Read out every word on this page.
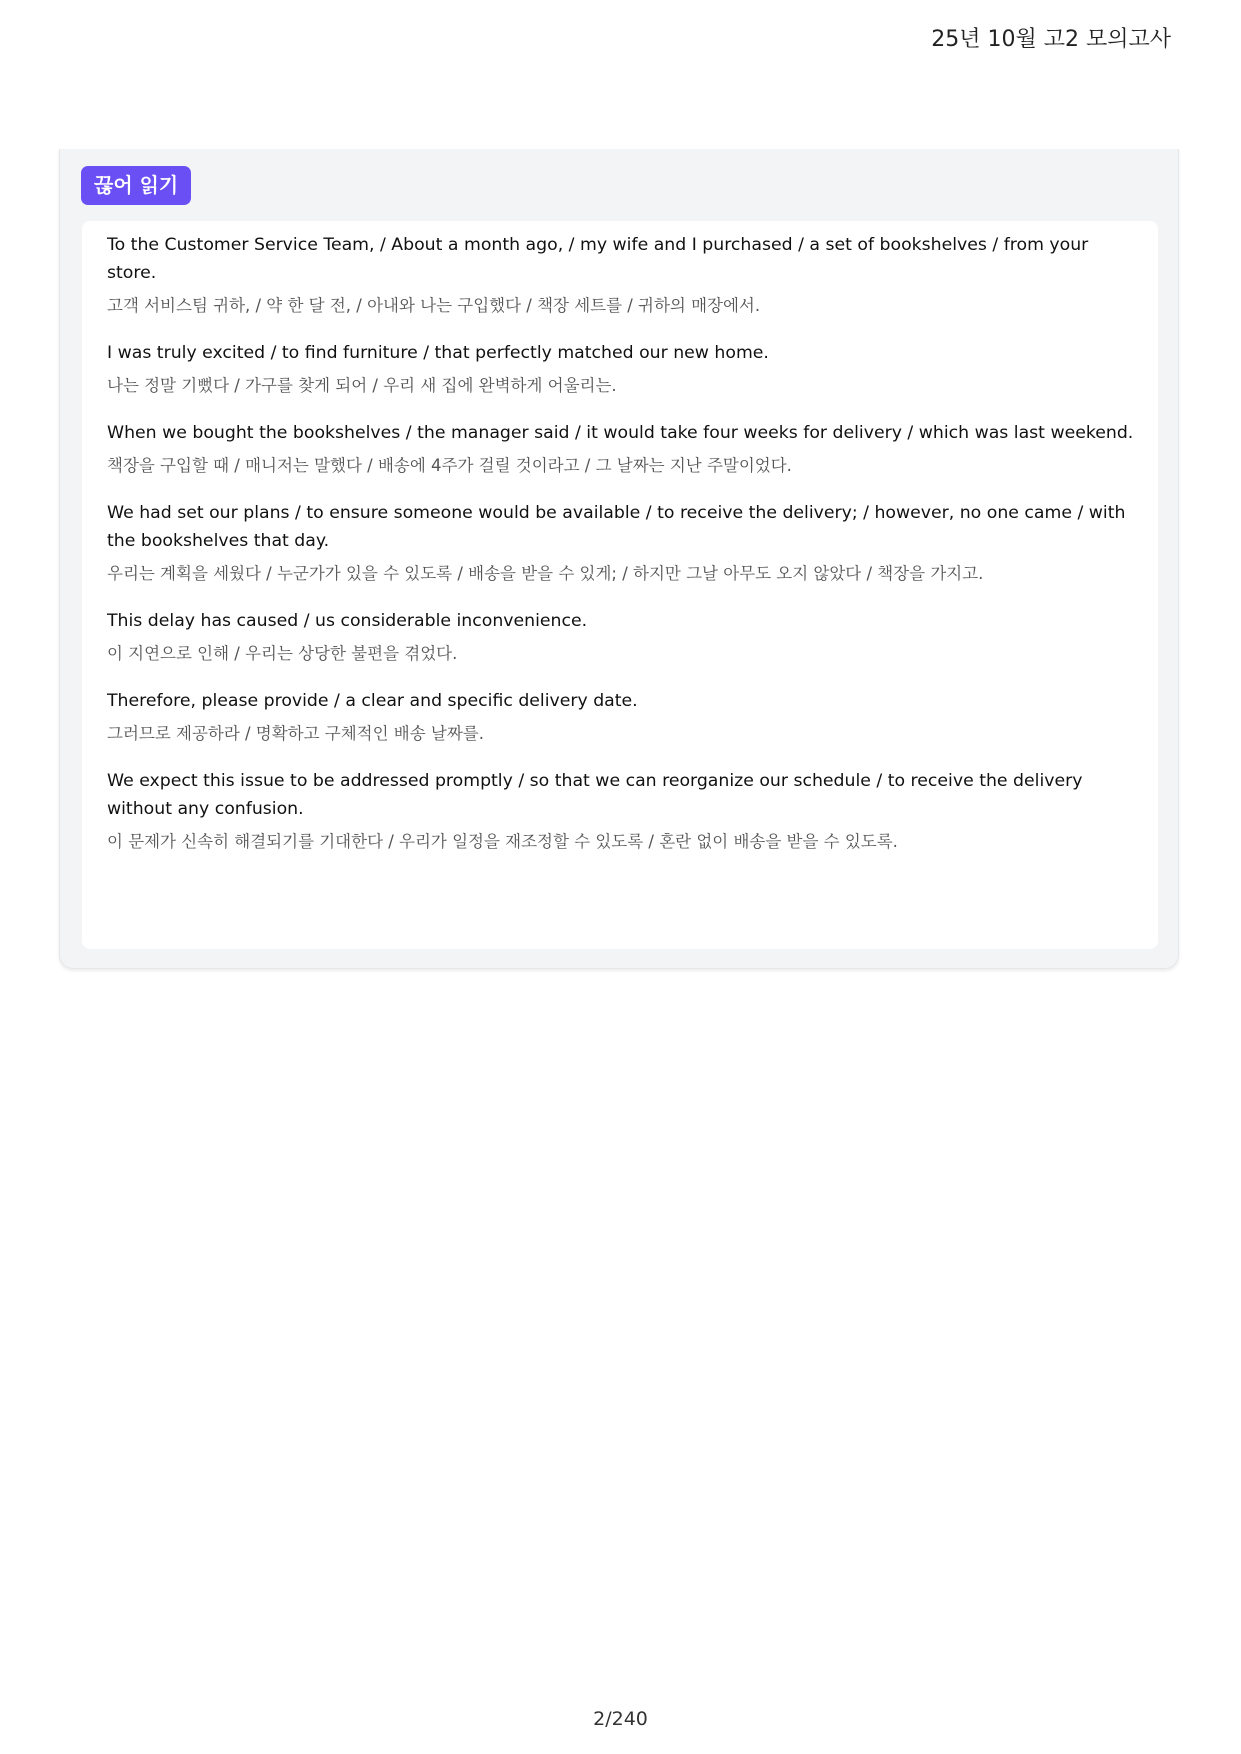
25년 10월 고2 모의고사
끊어 읽기
To the Customer Service Team, / About a month ago, / my wife and I purchased / a set of bookshelves / from your store.
고객 서비스팀 귀하, / 약 한 달 전, / 아내와 나는 구입했다 / 책장 세트를 / 귀하의 매장에서.
I was truly excited / to find furniture / that perfectly matched our new home.
나는 정말 기뻤다 / 가구를 찾게 되어 / 우리 새 집에 완벽하게 어울리는.
When we bought the bookshelves / the manager said / it would take four weeks for delivery / which was last weekend.
책장을 구입할 때 / 매니저는 말했다 / 배송에 4주가 걸릴 것이라고 / 그 날짜는 지난 주말이었다.
We had set our plans / to ensure someone would be available / to receive the delivery; / however, no one came / with the bookshelves that day.
우리는 계획을 세웠다 / 누군가가 있을 수 있도록 / 배송을 받을 수 있게; / 하지만 그날 아무도 오지 않았다 / 책장을 가지고.
This delay has caused / us considerable inconvenience.
이 지연으로 인해 / 우리는 상당한 불편을 겪었다.
Therefore, please provide / a clear and specific delivery date.
그러므로 제공하라 / 명확하고 구체적인 배송 날짜를.
We expect this issue to be addressed promptly / so that we can reorganize our schedule / to receive the delivery without any confusion.
이 문제가 신속히 해결되기를 기대한다 / 우리가 일정을 재조정할 수 있도록 / 혼란 없이 배송을 받을 수 있도록.
2/240
